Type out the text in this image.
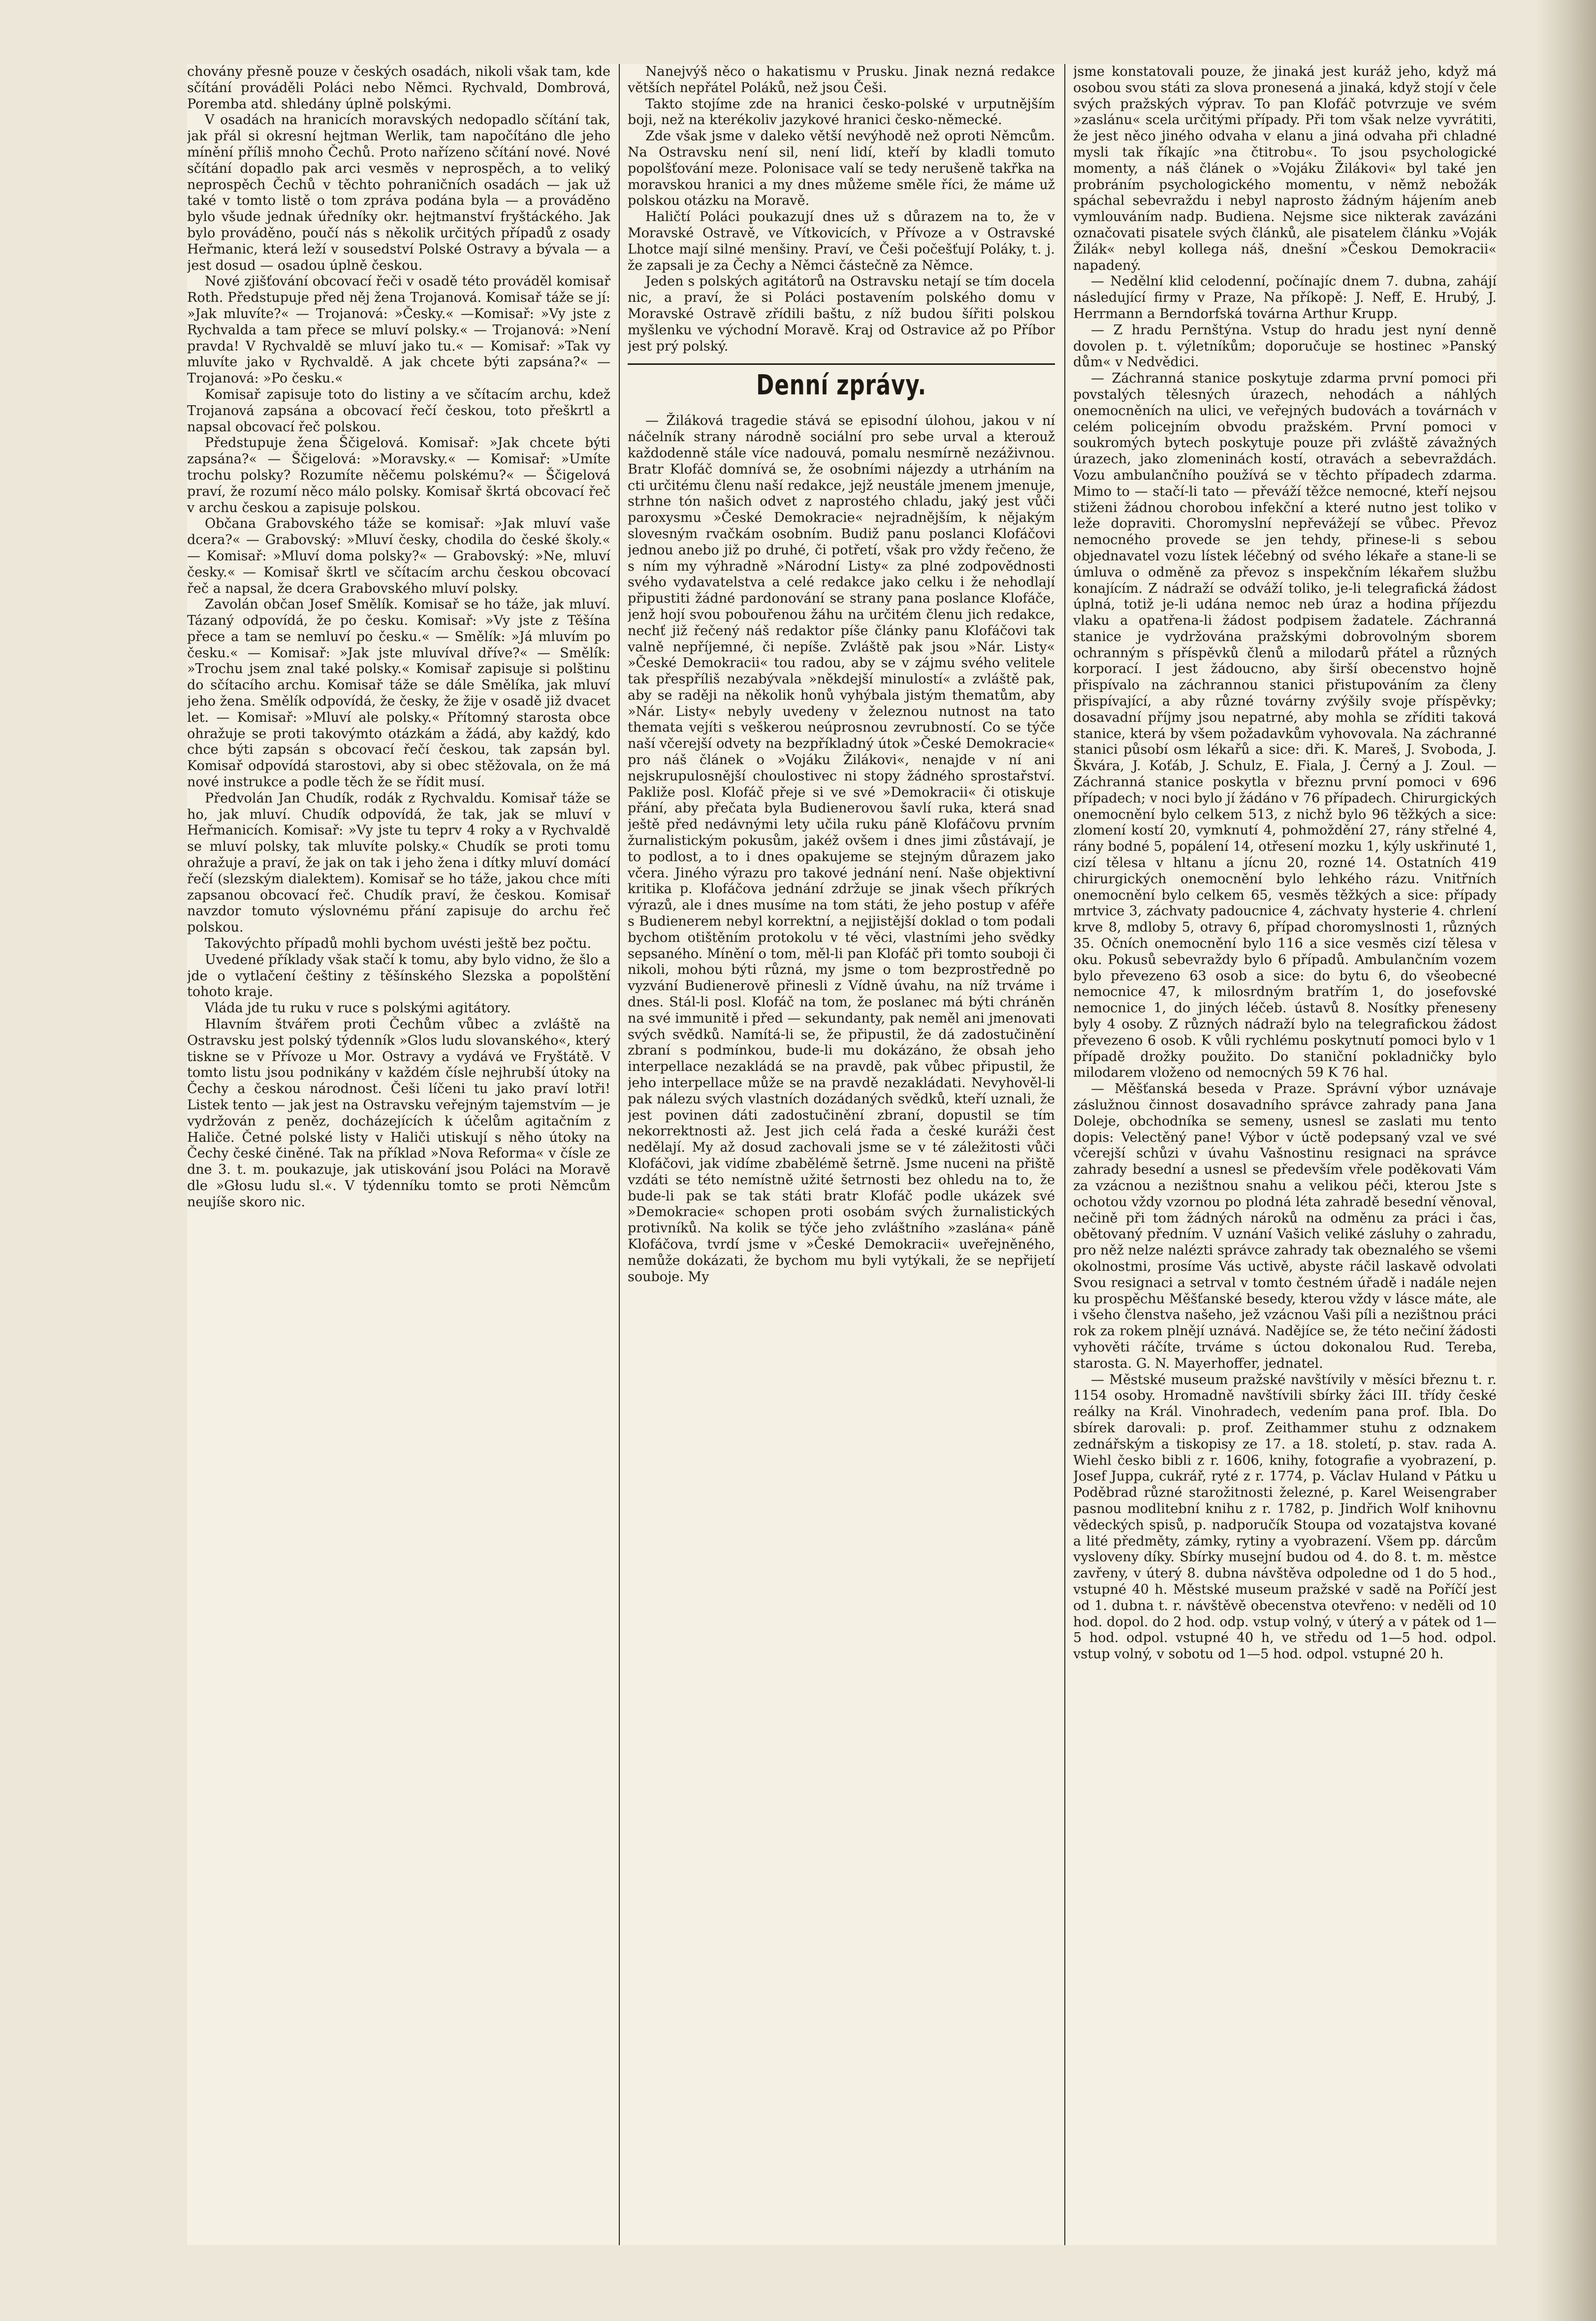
chovány přesně pouze v českých osadách, nikoli však tam, kde sčítání prováděli Poláci nebo Němci. Rychvald, Dombrová, Poremba atd. shledány úplně polskými.

V osadách na hranicích moravských nedopadlo sčítání tak, jak přál si okresní hejtman Werlik, tam napočítáno dle jeho mínění příliš mnoho Čechů. Proto nařízeno sčítání nové. Nové sčítání dopadlo pak arci vesměs v neprospěch, a to veliký neprospěch Čechů v těchto pohraničních osadách — jak už také v tomto listě o tom zpráva podána byla — a prováděno bylo všude jednak úředníky okr. hejtmanství fryštáckého. Jak bylo prováděno, poučí nás s několik určitých případů z osady Heřmanic, která leží v sousedství Polské Ostravy a bývala — a jest dosud — osadou úplně českou.

Nové zjišťování obcovací řeči v osadě této prováděl komisař Roth. Předstupuje před něj žena Trojanová. Komisař táže se jí: »Jak mluvíte?« — Trojanová: »Česky.« —Komisař: »Vy jste z Rychvalda a tam přece se mluví polsky.« — Trojanová: »Není pravda! V Rychvaldě se mluví jako tu.« — Komisař: »Tak vy mluvíte jako v Rychvaldě. A jak chcete býti zapsána?« — Trojanová: »Po česku.«

Komisař zapisuje toto do listiny a ve sčítacím archu, kdež Trojanová zapsána a obcovací řečí českou, toto přeškrtl a napsal obcovací řeč polskou.

Předstupuje žena Ščigelová. Komisař: »Jak chcete býti zapsána?« — Ščigelová: »Moravsky.« — Komisař: »Umíte trochu polsky? Rozumíte něčemu polskému?« — Ščigelová praví, že rozumí něco málo polsky. Komisař škrtá obcovací řeč v archu českou a zapisuje polskou.

Občana Grabovského táže se komisař: »Jak mluví vaše dcera?« — Grabovský: »Mluví česky, chodila do české školy.« — Komisař: »Mluví doma polsky?« — Grabovský: »Ne, mluví česky.« — Komisař škrtl ve sčítacím archu českou obcovací řeč a napsal, že dcera Grabovského mluví polsky.

Zavolán občan Josef Smělík. Komisař se ho táže, jak mluví. Tázaný odpovídá, že po česku. Komisař: »Vy jste z Těšína přece a tam se nemluví po česku.« — Smělík: »Já mluvím po česku.« — Komisař: »Jak jste mluvíval dříve?« — Smělík: »Trochu jsem znal také polsky.« Komisař zapisuje si polštinu do sčítacího archu. Komisař táže se dále Smělíka, jak mluví jeho žena. Smělík odpovídá, že česky, že žije v osadě již dvacet let. — Komisař: »Mluví ale polsky.« Přítomný starosta obce ohražuje se proti takovýmto otázkám a žádá, aby každý, kdo chce býti zapsán s obcovací řečí českou, tak zapsán byl. Komisař odpovídá starostovi, aby si obec stěžovala, on že má nové instrukce a podle těch že se řídit musí.

Předvolán Jan Chudík, rodák z Rychvaldu. Komisař táže se ho, jak mluví. Chudík odpovídá, že tak, jak se mluví v Heřmanicích. Komisař: »Vy jste tu teprv 4 roky a v Rychvaldě se mluví polsky, tak mluvíte polsky.« Chudík se proti tomu ohražuje a praví, že jak on tak i jeho žena i dítky mluví domácí řečí (slezským dialektem). Komisař se ho táže, jakou chce míti zapsanou obcovací řeč. Chudík praví, že českou. Komisař navzdor tomuto výslovnému přání zapisuje do archu řeč polskou.

Takovýchto případů mohli bychom uvésti ještě bez počtu.

Uvedené příklady však stačí k tomu, aby bylo vidno, že šlo a jde o vytlačení češtiny z těšínského Slezska a popolštění tohoto kraje.

Vláda jde tu ruku v ruce s polskými agitátory.

Hlavním štvářem proti Čechům vůbec a zvláště na Ostravsku jest polský týdenník »Glos ludu slovanského«, který tiskne se v Přívoze u Mor. Ostravy a vydává ve Fryštátě. V tomto listu jsou podnikány v každém čísle nejhrubší útoky na Čechy a českou národnost. Češi líčeni tu jako praví lotři! Listek tento — jak jest na Ostravsku veřejným tajemstvím — je vydržován z peněz, docházejících k účelům agitačním z Haliče. Četné polské listy v Haliči utiskují s něho útoky na Čechy české činěné. Tak na příklad »Nova Reforma« v čísle ze dne 3. t. m. poukazuje, jak utiskování jsou Poláci na Moravě dle »Głosu ludu sl.«. V týdenníku tomto se proti Němcům neujíše skoro nic.

Nanejvýš něco o hakatismu v Prusku. Jinak nezná redakce větších nepřátel Poláků, než jsou Češi.

Takto stojíme zde na hranici česko-polské v urputnějším boji, než na kterékoliv jazykové hranici česko-německé.

Zde však jsme v daleko větší nevýhodě než oproti Němcům. Na Ostravsku není sil, není lidí, kteří by kladli tomuto popolšťování meze. Polonisace valí se tedy nerušeně takřka na moravskou hranici a my dnes můžeme směle říci, že máme už polskou otázku na Moravě.

Haličtí Poláci poukazují dnes už s důrazem na to, že v Moravské Ostravě, ve Vítkovicích, v Přívoze a v Ostravské Lhotce mají silné menšiny. Praví, ve Češi počešťují Poláky, t. j. že zapsali je za Čechy a Němci částečně za Němce.

Jeden s polských agitátorů na Ostravsku netají se tím docela nic, a praví, že si Poláci postavením polského domu v Moravské Ostravě zřídili baštu, z níž budou šířiti polskou myšlenku ve východní Moravě. Kraj od Ostravice až po Příbor jest prý polský.

Denní zprávy.

— Žiláková tragedie stává se episodní úlohou, jakou v ní náčelník strany národně sociální pro sebe urval a kterouž každodenně stále více nadouvá, pomalu nesmírně nezáživnou. Bratr Klofáč domnívá se, že osobními nájezdy a utrháním na cti určitému členu naší redakce, jejž neustále jmenem jmenuje, strhne tón našich odvet z naprostého chladu, jaký jest vůči paroxysmu »České Demokracie« nejradnějším, k nějakým slovesným rvačkám osobním. Budiž panu poslanci Klofáčovi jednou anebo již po druhé, či potřetí, však pro vždy řečeno, že s ním my výhradně »Národní Listy« za plné zodpovědnosti svého vydavatelstva a celé redakce jako celku i že nehodlají připustiti žádné pardonování se strany pana poslance Klofáče, jenž hojí svou pobouřenou žáhu na určitém členu jich redakce, nechť již řečený náš redaktor píše články panu Klofáčovi tak valně nepříjemné, či nepíše. Zvláště pak jsou »Nár. Listy« »České Demokracii« tou radou, aby se v zájmu svého velitele tak přespříliš nezabývala »někdejší minulostí« a zvláště pak, aby se raději na několik honů vyhýbala jistým thematům, aby »Nár. Listy« nebyly uvedeny v železnou nutnost na tato themata vejíti s veškerou neúprosnou zevrubností. Co se týče naší včerejší odvety na bezpříkladný útok »České Demokracie« pro náš článek o »Vojáku Žilákovi«, nenajde v ní ani nejskrupulosnější choulostivec ni stopy žádného sprostařství. Pakliže posl. Klofáč přeje si ve své »Demokracii« či otiskuje přání, aby přečata byla Budienerovou šavlí ruka, která snad ještě před nedávnými lety učila ruku páně Klofáčovu prvním žurnalistickým pokusům, jakéž ovšem i dnes jimi zůstávají, je to podlost, a to i dnes opakujeme se stejným důrazem jako včera. Jiného výrazu pro takové jednání není. Naše objektivní kritika p. Klofáčova jednání zdržuje se jinak všech příkrých výrazů, ale i dnes musíme na tom státi, že jeho postup v aféře s Budienerem nebyl korrektní, a nejjistější doklad o tom podali bychom otištěním protokolu v té věci, vlastními jeho svědky sepsaného. Mínění o tom, měl-li pan Klofáč při tomto souboji či nikoli, mohou býti různá, my jsme o tom bezprostředně po vyzvání Budienerově přinesli z Vídně úvahu, na níž trváme i dnes. Stál-li posl. Klofáč na tom, že poslanec má býti chráněn na své immunitě i před — sekundanty, pak neměl ani jmenovati svých svědků. Namítá-li se, že připustil, že dá zadostučinění zbraní s podmínkou, bude-li mu dokázáno, že obsah jeho interpellace nezakládá se na pravdě, pak vůbec připustil, že jeho interpellace může se na pravdě nezakládati. Nevyhověl-li pak nálezu svých vlastních dozádaných svědků, kteří uznali, že jest povinen dáti zadostučinění zbraní, dopustil se tím nekorrektnosti až. Jest jich celá řada a české kuráži čest nedělají. My až dosud zachovali jsme se v té záležitosti vůči Klofáčovi, jak vidíme zbabělémě šetrně. Jsme nuceni na přiště vzdáti se této nemístně užité šetrnosti bez ohledu na to, že bude-li pak se tak státi bratr Klofáč podle ukázek své »Demokracie« schopen proti osobám svých žurnalistických protivníků. Na kolik se týče jeho zvláštního »zaslána« páně Klofáčova, tvrdí jsme v »České Demokracii« uveřejněného, nemůže dokázati, že bychom mu byli vytýkali, že se nepřijetí souboje. My

jsme konstatovali pouze, že jinaká jest kuráž jeho, když má osobou svou státi za slova pronesená a jinaká, když stojí v čele svých pražských výprav. To pan Klofáč potvrzuje ve svém »zaslánu« scela určitými případy. Při tom však nelze vyvrátiti, že jest něco jiného odvaha v elanu a jiná odvaha při chladné mysli tak říkajíc »na čtitrobu«. To jsou psychologické momenty, a náš článek o »Vojáku Žilákovi« byl také jen probráním psychologického momentu, v němž nebožák spáchal sebevraždu i nebyl naprosto žádným hájením aneb vymlouváním nadp. Budiena. Nejsme sice nikterak zavázáni označovati pisatele svých článků, ale pisatelem článku »Voják Žilák« nebyl kollega náš, dnešní »Českou Demokracii« napadený.

— Nedělní klid celodenní, počínajíc dnem 7. dubna, zahájí následující firmy v Praze, Na příkopě: J. Neff, E. Hrubý, J. Herrmann a Berndorfská továrna Arthur Krupp.

— Z hradu Pernštýna. Vstup do hradu jest nyní denně dovolen p. t. výletníkům; doporučuje se hostinec »Panský dům« v Nedvědici.

— Záchranná stanice poskytuje zdarma první pomoci při povstalých tělesných úrazech, nehodách a náhlých onemocněních na ulici, ve veřejných budovách a továrnách v celém policejním obvodu pražském. První pomoci v soukromých bytech poskytuje pouze při zvláště závažných úrazech, jako zlomeninách kostí, otravách a sebevraždách. Vozu ambulančního používá se v těchto případech zdarma. Mimo to — stačí-li tato — převáží těžce nemocné, kteří nejsou stiženi žádnou chorobou infekční a které nutno jest toliko v leže dopraviti. Choromyslní nepřevážejí se vůbec. Převoz nemocného provede se jen tehdy, přinese-li s sebou objednavatel vozu lístek léčebný od svého lékaře a stane-li se úmluva o odměně za převoz s inspekčním lékařem službu konajícím. Z nádraží se odváží toliko, je-li telegrafická žádost úplná, totiž je-li udána nemoc neb úraz a hodina příjezdu vlaku a opatřena-li žádost podpisem žadatele. Záchranná stanice je vydržována pražskými dobrovolným sborem ochranným s příspěvků členů a milodarů přátel a různých korporací. I jest žádoucno, aby širší obecenstvo hojně přispívalo na záchrannou stanici přistupováním za členy přispívající, a aby různé továrny zvýšily svoje příspěvky; dosavadní příjmy jsou nepatrné, aby mohla se zříditi taková stanice, která by všem požadavkům vyhovovala. Na záchranné stanici působí osm lékařů a sice: dři. K. Mareš, J. Svoboda, J. Škvára, J. Koťáb, J. Schulz, E. Fiala, J. Černý a J. Zoul. — Záchranná stanice poskytla v březnu první pomoci v 696 případech; v noci bylo jí žádáno v 76 případech. Chirurgických onemocnění bylo celkem 513, z nichž bylo 96 těžkých a sice: zlomení kostí 20, vymknutí 4, pohmoždění 27, rány střelné 4, rány bodné 5, popálení 14, otřesení mozku 1, kýly uskřinuté 1, cizí tělesa v hltanu a jícnu 20, rozné 14. Ostatních 419 chirurgických onemocnění bylo lehkého rázu. Vnitřních onemocnění bylo celkem 65, vesměs těžkých a sice: případy mrtvice 3, záchvaty padoucnice 4, záchvaty hysterie 4. chrlení krve 8, mdloby 5, otravy 6, případ choromyslnosti 1, různých 35. Očních onemocnění bylo 116 a sice vesměs cizí tělesa v oku. Pokusů sebevraždy bylo 6 případů. Ambulančním vozem bylo převezeno 63 osob a sice: do bytu 6, do všeobecné nemocnice 47, k milosrdným bratřím 1, do josefovské nemocnice 1, do jiných léčeb. ústavů 8. Nosítky přeneseny byly 4 osoby. Z různých nádraží bylo na telegrafickou žádost převezeno 6 osob. K vůli rychlému poskytnutí pomoci bylo v 1 případě drožky použito. Do staniční pokladničky bylo milodarem vloženo od nemocných 59 K 76 hal.

— Měšťanská beseda v Praze. Správní výbor uznávaje záslužnou činnost dosavadního správce zahrady pana Jana Doleje, obchodníka se semeny, usnesl se zaslati mu tento dopis: Velectěný pane! Výbor v úctě podepsaný vzal ve své včerejší schůzi v úvahu Vašnostinu resignaci na správce zahrady besední a usnesl se především vřele poděkovati Vám za vzácnou a nezištnou snahu a velikou péči, kterou Jste s ochotou vždy vzornou po plodná léta zahradě besední věnoval, nečině při tom žádných nároků na odměnu za práci i čas, obětovaný předním. V uznání Vašich veliké zásluhy o zahradu, pro něž nelze nalézti správce zahrady tak obeznalého se všemi okolnostmi, prosíme Vás uctivě, abyste ráčil laskavě odvolati Svou resignaci a setrval v tomto čestném úřadě i nadále nejen ku prospěchu Měšťanské besedy, kterou vždy v lásce máte, ale i všeho členstva našeho, jež vzácnou Vaši píli a nezištnou práci rok za rokem plnějí uznává. Nadějíce se, že této nečiní žádosti vyhověti ráčíte, trváme s úctou dokonalou Rud. Tereba, starosta. G. N. Mayerhoffer, jednatel.

— Městské museum pražské navštívily v měsíci březnu t. r. 1154 osoby. Hromadně navštívili sbírky žáci III. třídy české reálky na Král. Vinohradech, vedením pana prof. Ibla. Do sbírek darovali: p. prof. Zeithammer stuhu z odznakem zednářským a tiskopisy ze 17. a 18. století, p. stav. rada A. Wiehl česko bibli z r. 1606, knihy, fotografie a vyobrazení, p. Josef Juppa, cukrář, ryté z r. 1774, p. Václav Huland v Pátku u Poděbrad různé starožitnosti železné, p. Karel Weisengraber pasnou modlitební knihu z r. 1782, p. Jindřich Wolf knihovnu vědeckých spisů, p. nadporučík Stoupa od vozatajstva kované a lité předměty, zámky, rytiny a vyobrazení. Všem pp. dárcům vysloveny díky. Sbírky musejní budou od 4. do 8. t. m. městce zavřeny, v úterý 8. dubna návštěva odpoledne od 1 do 5 hod., vstupné 40 h. Městské museum pražské v sadě na Poříčí jest od 1. dubna t. r. návštěvě obecenstva otevřeno: v neděli od 10 hod. dopol. do 2 hod. odp. vstup volný, v úterý a v pátek od 1—5 hod. odpol. vstupné 40 h, ve středu od 1—5 hod. odpol. vstup volný, v sobotu od 1—5 hod. odpol. vstupné 20 h.
